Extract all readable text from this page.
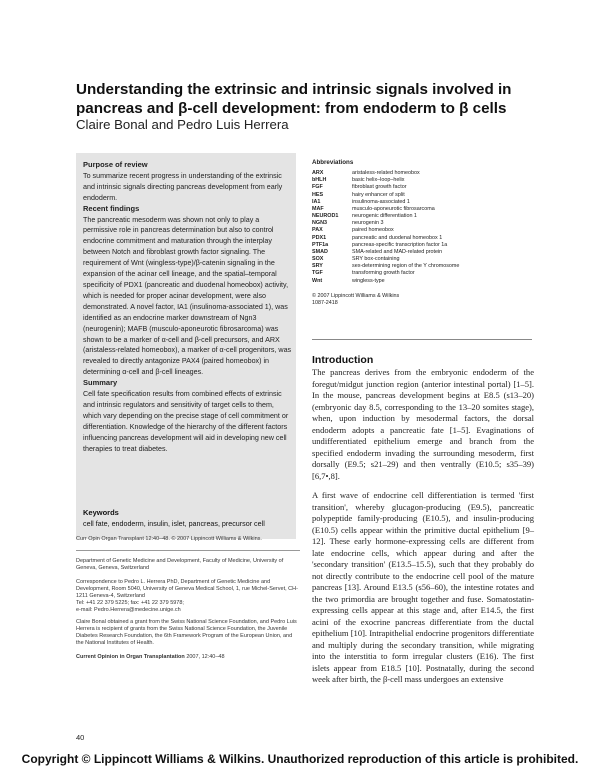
Understanding the extrinsic and intrinsic signals involved in pancreas and β-cell development: from endoderm to β cells
Claire Bonal and Pedro Luis Herrera
Purpose of review

To summarize recent progress in understanding of the extrinsic and intrinsic signals directing pancreas development from early endoderm.

Recent findings

The pancreatic mesoderm was shown not only to play a permissive role in pancreas determination but also to control endocrine commitment and maturation through the interplay between Notch and fibroblast growth factor signaling. The requirement of Wnt (wingless-type)/β-catenin signaling in the expansion of the acinar cell lineage, and the spatial–temporal specificity of PDX1 (pancreatic and duodenal homeobox) activity, which is needed for proper acinar development, were also demonstrated. A novel factor, IA1 (insulinoma-associated 1), was identified as an endocrine marker downstream of Ngn3 (neurogenin); MAFB (musculo-aponeurotic fibrosarcoma) was shown to be a marker of α-cell and β-cell precursors, and ARX (aristaless-related homeobox), a marker of α-cell progenitors, was revealed to directly antagonize PAX4 (paired homeobox) in determining α-cell and β-cell lineages.

Summary

Cell fate specification results from combined effects of extrinsic and intrinsic regulators and sensitivity of target cells to them, which vary depending on the precise stage of cell commitment or differentiation. Knowledge of the hierarchy of the different factors influencing pancreas development will aid in developing new cell therapies to treat diabetes.

Keywords

cell fate, endoderm, insulin, islet, pancreas, precursor cell

Abbreviations
ARX	aristaless-related homeobox
bHLH	basic helix–loop–helix
FGF	fibroblast growth factor
HES	hairy enhancer of split
IA1	insulinoma-associated 1
MAF	musculo-aponeurotic fibrosarcoma
NEUROD1	neurogenic differentiation 1
NGN3	neurogenin 3
PAX	paired homeobox
PDX1	pancreatic and duodenal homeobox 1
PTF1a	pancreas-specific transcription factor 1a
SMAD	SMA-related and MAD-related protein
SOX	SRY box-containing
SRY	sex-determining region of the Y chromosome
TGF	transforming growth factor
Wnt	wingless-type
© 2007 Lippincott Williams & Wilkins
1087-2418
Introduction

The pancreas derives from the embryonic endoderm of the foregut/midgut junction region (anterior intestinal portal) [1–5]. In the mouse, pancreas development begins at E8.5 (s13–20) (embryonic day 8.5, corresponding to the 13–20 somites stage), when, upon induction by mesodermal factors, the dorsal endoderm adopts a pancreatic fate [1–5]. Evaginations of undifferentiated epithelium emerge and branch from the specified endoderm invading the surrounding mesoderm, first dorsally (E9.5; s21–29) and then ventrally (E10.5; s35–39) [6,7•,8].

A first wave of endocrine cell differentiation is termed 'first transition', whereby glucagon-producing (E9.5), pancreatic polypeptide family-producing (E10.5), and insulin-producing (E10.5) cells appear within the primitive ductal epithelium [9–12]. These early hormone-expressing cells are different from late endocrine cells, which appear during and after the 'secondary transition' (E13.5–15.5), such that they probably do not directly contribute to the endocrine cell pool of the mature pancreas [13]. Around E13.5 (s56–60), the intestine rotates and the two primordia are brought together and fuse. Somatostatin-expressing cells appear at this stage and, after E14.5, the first acini of the exocrine pancreas differentiate from the ductal epithelium [10]. Intrapithelial endocrine progenitors differentiate and multiply during the secondary transition, while migrating into the interstitia to form irregular clusters (E16). The first islets appear from E18.5 [10]. Postnatally, during the second week after birth, the β-cell mass undergoes an extensive

Curr Opin Organ Transplant 12:40–48. © 2007 Lippincott Williams & Wilkins.

Department of Genetic Medicine and Development, Faculty of Medicine, University of Geneva, Geneva, Switzerland

Correspondence to Pedro L. Herrera PhD, Department of Genetic Medicine and Development, Room 5040, University of Geneva Medical School, 1, rue Michel-Servet, CH-1211 Geneva-4, Switzerland

Tel: +41 22 379 5225; fax: +41 22 379 5978;

e-mail: Pedro.Herrera@medecine.unige.ch

Claire Bonal obtained a grant from the Swiss National Science Foundation, and Pedro Luis Herrera is recipient of grants from the Swiss National Science Foundation, the Juvenile Diabetes Research Foundation, the 6th Framework Program of the European Union, and the National Institutes of Health.

Current Opinion in Organ Transplantation 2007, 12:40–48

40
Copyright © Lippincott Williams & Wilkins. Unauthorized reproduction of this article is prohibited.
